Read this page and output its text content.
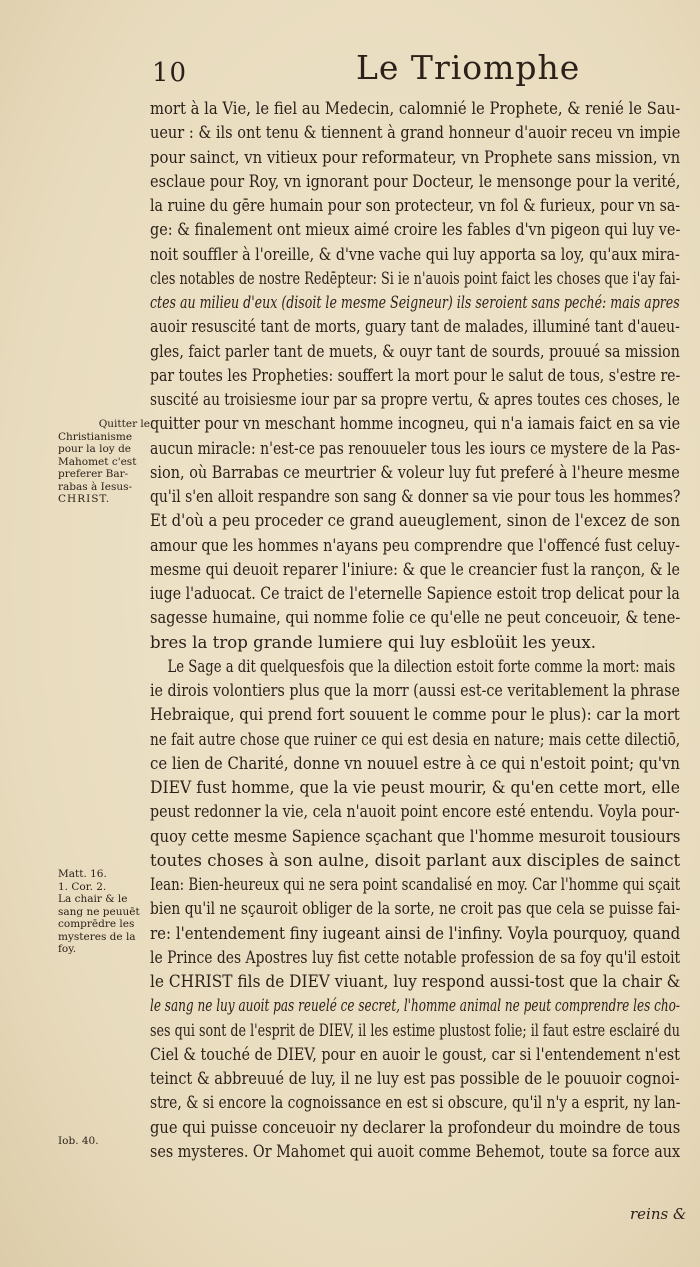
10	Le Triomphe
mort à la Vie, le fiel au Medecin, calomnié le Prophete, & renié le Sau-
ueur : & ils ont tenu & tiennent à grand honneur d'auoir receu vn impie
pour sainct, vn vitieux pour reformateur, vn Prophete sans mission, vn
esclaue pour Roy, vn ignorant pour Docteur, le mensonge pour la verité,
la ruine du gēre humain pour son protecteur, vn fol & furieux, pour vn sa-
ge: & finalement ont mieux aimé croire les fables d'vn pigeon qui luy ve-
noit souffler à l'oreille, & d'vne vache qui luy apporta sa loy, qu'aux mira-
cles notables de nostre Redēpteur: Si ie n'auois point faict les choses que i'ay fai-
ctes au milieu d'eux (disoit le mesme Seigneur) ils seroient sans peché: mais apres
auoir resuscité tant de morts, guary tant de malades, illuminé tant d'aueu-
gles, faict parler tant de muets, & ouyr tant de sourds, prouué sa mission
par toutes les Propheties: souffert la mort pour le salut de tous, s'estre re-
suscité au troisiesme iour par sa propre vertu, & apres toutes ces choses, le
quitter pour vn meschant homme incogneu, qui n'a iamais faict en sa vie
aucun miracle: n'est-ce pas renouueler tous les iours ce mystere de la Pas-
sion, où Barrabas ce meurtrier & voleur luy fut preferé à l'heure mesme
qu'il s'en alloit respandre son sang & donner sa vie pour tous les hommes?
Et d'où a peu proceder ce grand aueuglement, sinon de l'excez de son
amour que les hommes n'ayans peu comprendre que l'offencé fust celuy-
mesme qui deuoit reparer l'iniure: & que le creancier fust la rançon, & le
iuge l'aduocat. Ce traict de l'eternelle Sapience estoit trop delicat pour la
sagesse humaine, qui nomme folie ce qu'elle ne peut conceuoir, & tene-
bres la trop grande lumiere qui luy esbloüit les yeux.
Le Sage a dit quelquesfois que la dilection estoit forte comme la mort: mais
ie dirois volontiers plus que la morr (aussi est-ce veritablement la phrase
Hebraique, qui prend fort souuent le comme pour le plus): car la mort
ne fait autre chose que ruiner ce qui est desia en nature; mais cette dilectiō,
ce lien de Charité, donne vn nouuel estre à ce qui n'estoit point; qu'vn
DIEV fust homme, que la vie peust mourir, & qu'en cette mort, elle
peust redonner la vie, cela n'auoit point encore esté entendu. Voyla pour-
quoy cette mesme Sapience sçachant que l'homme mesuroit tousiours
toutes choses à son aulne, disoit parlant aux disciples de sainct
Iean: Bien-heureux qui ne sera point scandalisé en moy. Car l'homme qui sçait
bien qu'il ne sçauroit obliger de la sorte, ne croit pas que cela se puisse fai-
re: l'entendement finy iugeant ainsi de l'infiny. Voyla pourquoy, quand
le Prince des Apostres luy fist cette notable profession de sa foy qu'il estoit
le CHRIST fils de DIEV viuant, luy respond aussi-tost que la chair &
le sang ne luy auoit pas reuelé ce secret, l'homme animal ne peut comprendre les cho-
ses qui sont de l'esprit de DIEV, il les estime plustost folie; il faut estre esclairé du
Ciel & touché de DIEV, pour en auoir le goust, car si l'entendement n'est
teinct & abbreuué de luy, il ne luy est pas possible de le pouuoir cognoi-
stre, & si encore la cognoissance en est si obscure, qu'il n'y a esprit, ny lan-
gue qui puisse conceuoir ny declarer la profondeur du moindre de tous
ses mysteres. Or Mahomet qui auoit comme Behemot, toute sa force aux
Quitter le
Christianisme
pour la loy de
Mahomet c'est
preferer Bar-
rabas à Iesus-
CHRIST.
Matt. 16.
1. Cor. 2.
La chair & le
sang ne peuuēt
comprēdre les
mysteres de la
foy.
Iob. 40.
reins &
